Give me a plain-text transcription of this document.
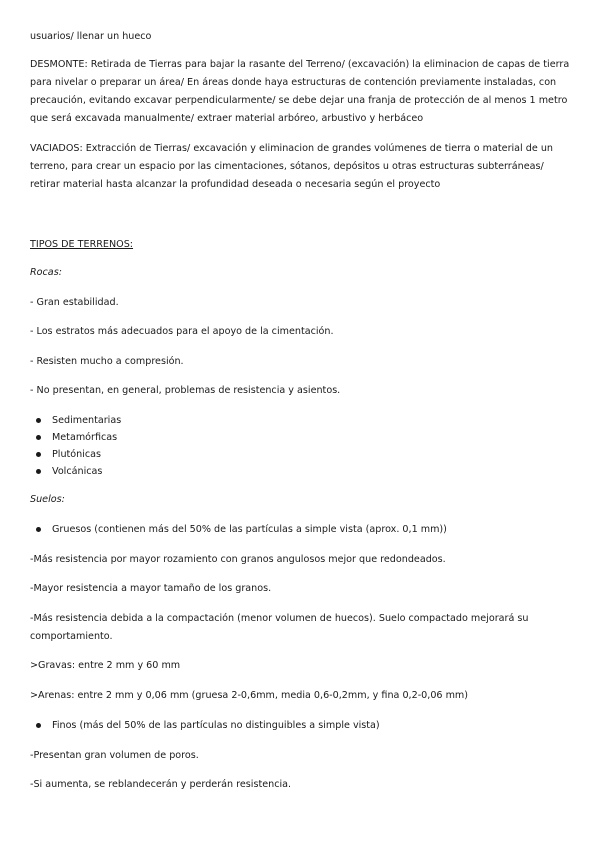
usuarios/ llenar un hueco

DESMONTE: Retirada de Tierras para bajar la rasante del Terreno/ (excavación) la eliminacion de capas de tierra para nivelar o preparar un área/ En áreas donde haya estructuras de contención previamente instaladas, con precaución, evitando excavar perpendicularmente/ se debe dejar una franja de protección de al menos 1 metro que será excavada manualmente/ extraer material arbóreo, arbustivo y herbáceo

VACIADOS: Extracción de Tierras/ excavación y eliminacion de grandes volúmenes de tierra o material de un terreno, para crear un espacio por las cimentaciones, sótanos, depósitos u otras estructuras subterráneas/ retirar material hasta alcanzar la profundidad deseada o necesaria según el proyecto

TIPOS DE TERRENOS:

Rocas:

- Gran estabilidad.

- Los estratos más adecuados para el apoyo de la cimentación.

- Resisten mucho a compresión.

- No presentan, en general, problemas de resistencia y asientos.

Sedimentarias
Metamórficas
Plutónicas
Volcánicas

Suelos:

Gruesos (contienen más del 50% de las partículas a simple vista (aprox. 0,1 mm))

-Más resistencia por mayor rozamiento con granos angulosos mejor que redondeados.

-Mayor resistencia a mayor tamaño de los granos.

-Más resistencia debida a la compactación (menor volumen de huecos). Suelo compactado mejorará su comportamiento.

>Gravas: entre 2 mm y 60 mm

>Arenas: entre 2 mm y 0,06 mm (gruesa 2-0,6mm, media 0,6-0,2mm, y fina 0,2-0,06 mm)

Finos (más del 50% de las partículas no distinguibles a simple vista)

-Presentan gran volumen de poros.

-Si aumenta, se reblandecerán y perderán resistencia.
